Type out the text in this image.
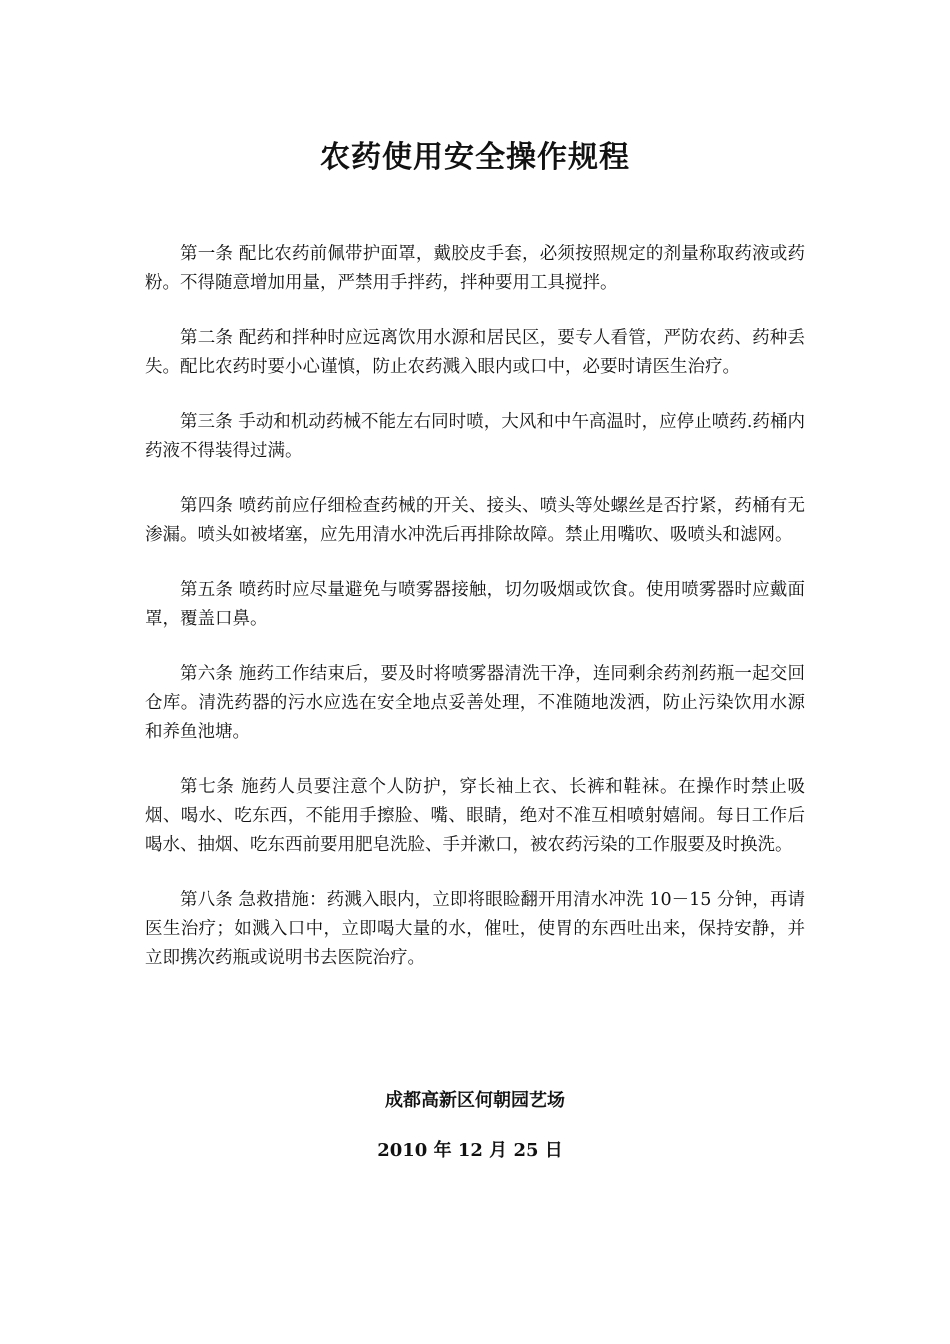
农药使用安全操作规程

第一条 配比农药前佩带护面罩，戴胶皮手套，必须按照规定的剂量称取药液或药粉。不得随意增加用量，严禁用手拌药，拌种要用工具搅拌。

第二条 配药和拌种时应远离饮用水源和居民区，要专人看管，严防农药、药种丢失。配比农药时要小心谨慎，防止农药溅入眼内或口中，必要时请医生治疗。

第三条 手动和机动药械不能左右同时喷，大风和中午高温时，应停止喷药.药桶内药液不得装得过满。

第四条 喷药前应仔细检查药械的开关、接头、喷头等处螺丝是否拧紧，药桶有无渗漏。喷头如被堵塞，应先用清水冲洗后再排除故障。禁止用嘴吹、吸喷头和滤网。

第五条 喷药时应尽量避免与喷雾器接触，切勿吸烟或饮食。使用喷雾器时应戴面罩，覆盖口鼻。

第六条 施药工作结束后，要及时将喷雾器清洗干净，连同剩余药剂药瓶一起交回仓库。清洗药器的污水应选在安全地点妥善处理，不准随地泼洒，防止污染饮用水源和养鱼池塘。

第七条 施药人员要注意个人防护，穿长袖上衣、长裤和鞋袜。在操作时禁止吸烟、喝水、吃东西，不能用手擦脸、嘴、眼睛，绝对不准互相喷射嬉闹。每日工作后喝水、抽烟、吃东西前要用肥皂洗脸、手并漱口，被农药污染的工作服要及时换洗。

第八条 急救措施：药溅入眼内，立即将眼睑翻开用清水冲洗 10－15 分钟，再请医生治疗；如溅入口中，立即喝大量的水，催吐，使胃的东西吐出来，保持安静，并立即携次药瓶或说明书去医院治疗。

成都高新区何朝园艺场
2010 年 12 月 25 日
